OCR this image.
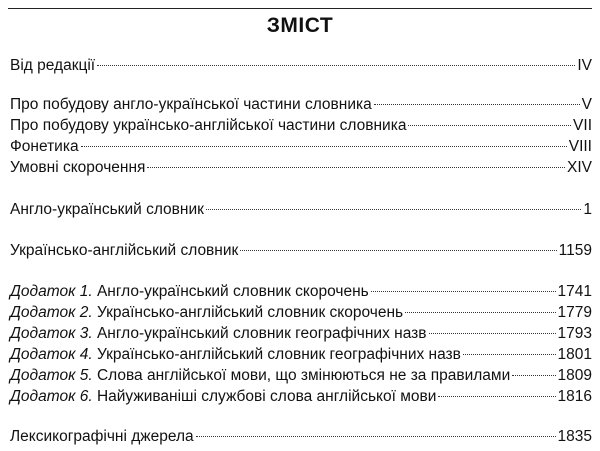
ЗМІСТ
Від редакції	IV
Про побудову англо-української частини словника	V
Про побудову українсько-англійської частини словника	VII
Фонетика	VIII
Умовні скорочення	XIV
Англо-український словник	1
Українсько-англійський словник	1159
Додаток 1. Англо-український словник скорочень	1741
Додаток 2. Українсько-англійський словник скорочень	1779
Додаток 3. Англо-український словник географічних назв	1793
Додаток 4. Українсько-англійський словник географічних назв	1801
Додаток 5. Слова англійської мови, що змінюються не за правилами	1809
Додаток 6. Найуживаніші службові слова англійської мови	1816
Лексикографічні джерела	1835
